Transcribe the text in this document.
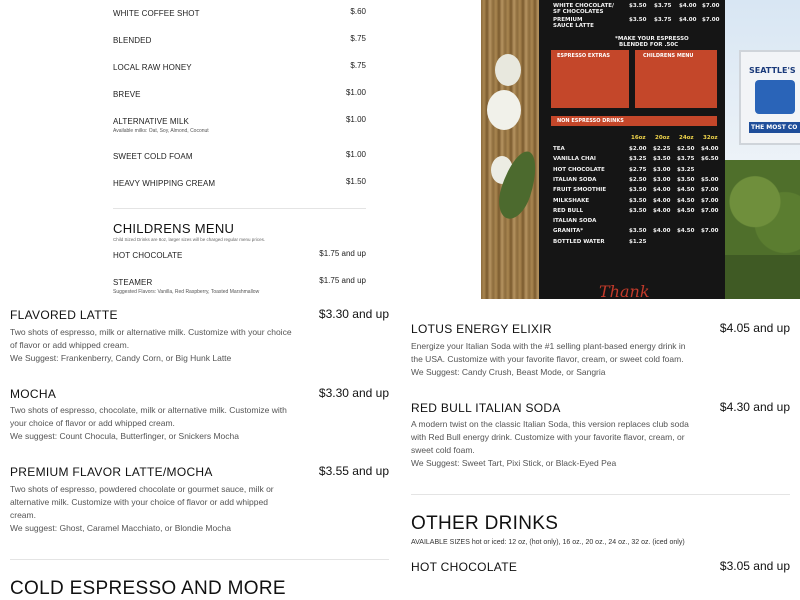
WHITE COFFEE SHOT	$.60
BLENDED	$.75
LOCAL RAW HONEY	$.75
BREVE	$1.00
ALTERNATIVE MILK	$1.00
Available milks: Oat, Soy, Almond, Coconut
SWEET COLD FOAM	$1.00
HEAVY WHIPPING CREAM	$1.50
CHILDRENS MENU
Child Sized Drinks are 8oz, larger sizes will be charged regular menu prices.
HOT CHOCOLATE	$1.75 and up
STEAMER	$1.75 and up
Suggested Flavors: Vanilla, Red Raspberry, Toasted Marshmallow
WHITE CHOCOLATE/	$3.50 $3.75 $4.00 $7.00
SF CHOCOLATES
PREMIUM	$3.50 $3.75 $4.00 $7.00
SAUCE LATTE
*MAKE YOUR ESPRESSO
BLENDED FOR .50C
ESPRESSO EXTRAS	CHILDRENS MENU
NON ESPRESSO DRINKS
16oz 20oz 24oz 32oz
TEA	$2.00 $2.25 $2.50 $4.00
VANILLA CHAI	$3.25 $3.50 $3.75 $6.50
HOT CHOCOLATE	$2.75 $3.00 $3.25
ITALIAN SODA	$2.50 $3.00 $3.50 $5.00
FRUIT SMOOTHIE	$3.50 $4.00 $4.50 $7.00
MILKSHAKE	$3.50 $4.00 $4.50 $7.00
RED BULL	$3.50 $4.00 $4.50 $7.00
ITALIAN SODA
GRANITA*	$3.50 $4.00 $4.50 $7.00
BOTTLED WATER	$1.25
Thank
SEATTLE'S
THE MOST CO
FLAVORED LATTE	$3.30 and up
Two shots of espresso, milk or alternative milk. Customize with your choice
of flavor or add whipped cream.
We Suggest: Frankenberry, Candy Corn, or Big Hunk Latte
MOCHA	$3.30 and up
Two shots of espresso, chocolate, milk or alternative milk. Customize with
your choice of flavor or add whipped cream.
We suggest: Count Chocula, Butterfinger, or Snickers Mocha
PREMIUM FLAVOR LATTE/MOCHA	$3.55 and up
Two shots of espresso, powdered chocolate or gourmet sauce, milk or
alternative milk. Customize with your choice of flavor or add whipped
cream.
We suggest: Ghost, Caramel Macchiato, or Blondie Mocha
COLD ESPRESSO AND MORE
LOTUS ENERGY ELIXIR	$4.05 and up
Energize your Italian Soda with the #1 selling plant-based energy drink in
the USA. Customize with your favorite flavor, cream, or sweet cold foam.
We Suggest: Candy Crush, Beast Mode, or Sangria
RED BULL ITALIAN SODA	$4.30 and up
A modern twist on the classic Italian Soda, this version replaces club soda
with Red Bull energy drink. Customize with your favorite flavor, cream, or
sweet cold foam.
We Suggest: Sweet Tart, Pixi Stick, or Black-Eyed Pea
OTHER DRINKS
AVAILABLE SIZES hot or iced: 12 oz, (hot only), 16 oz., 20 oz., 24 oz., 32 oz. (iced only)
HOT CHOCOLATE	$3.05 and up
